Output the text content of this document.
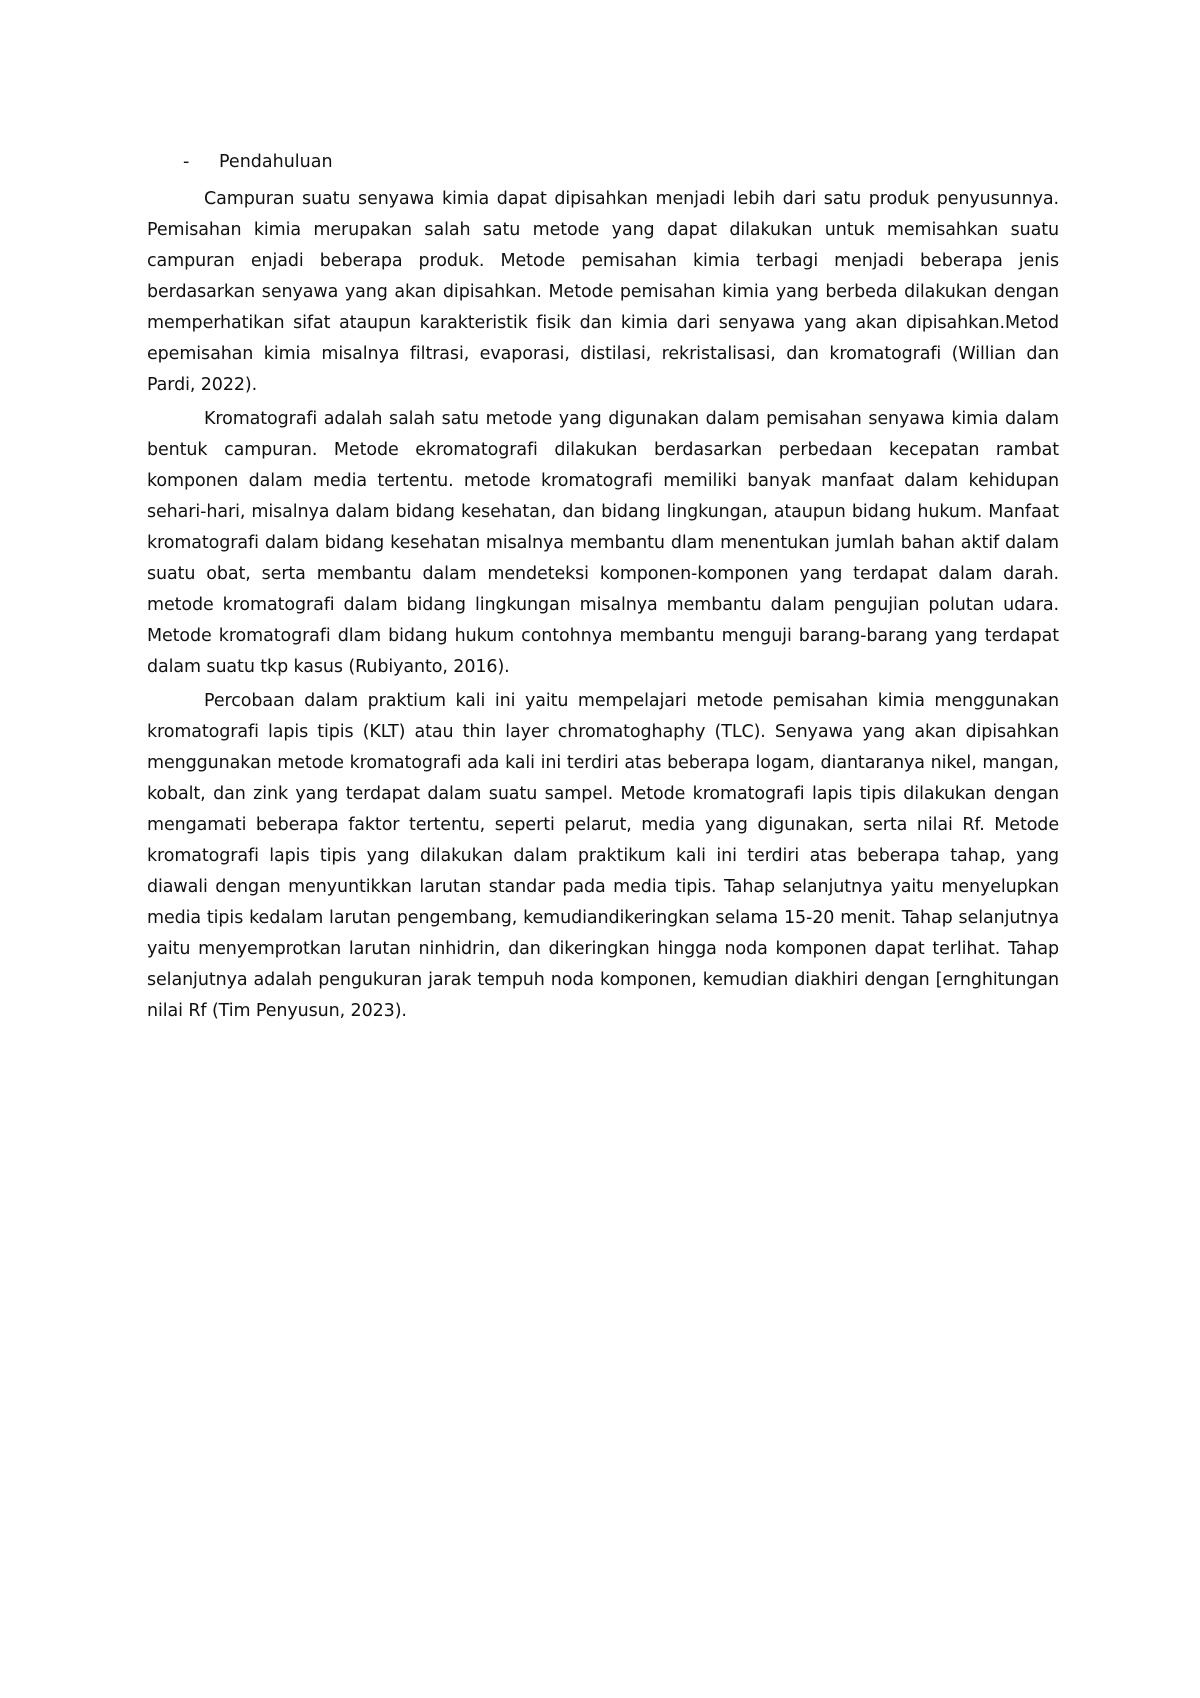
- Pendahuluan

Campuran suatu senyawa kimia dapat dipisahkan menjadi lebih dari satu produk penyusunnya. Pemisahan kimia merupakan salah satu metode yang dapat dilakukan untuk memisahkan suatu campuran enjadi beberapa produk. Metode pemisahan kimia terbagi menjadi beberapa jenis berdasarkan senyawa yang akan dipisahkan. Metode pemisahan kimia yang berbeda dilakukan dengan memperhatikan sifat ataupun karakteristik fisik dan kimia dari senyawa yang akan dipisahkan.Metod epemisahan kimia misalnya filtrasi, evaporasi, distilasi, rekristalisasi, dan kromatografi (Willian dan Pardi, 2022).

Kromatografi adalah salah satu metode yang digunakan dalam pemisahan senyawa kimia dalam bentuk campuran. Metode ekromatografi dilakukan berdasarkan perbedaan kecepatan rambat komponen dalam media tertentu. metode kromatografi memiliki banyak manfaat dalam kehidupan sehari-hari, misalnya dalam bidang kesehatan, dan bidang lingkungan, ataupun bidang hukum. Manfaat kromatografi dalam bidang kesehatan misalnya membantu dlam menentukan jumlah bahan aktif dalam suatu obat, serta membantu dalam mendeteksi komponen-komponen yang terdapat dalam darah. metode kromatografi dalam bidang lingkungan misalnya membantu dalam pengujian polutan udara. Metode kromatografi dlam bidang hukum contohnya membantu menguji barang-barang yang terdapat dalam suatu tkp kasus (Rubiyanto, 2016).

Percobaan dalam praktium kali ini yaitu mempelajari metode pemisahan kimia menggunakan kromatografi lapis tipis (KLT) atau thin layer chromatoghaphy (TLC). Senyawa yang akan dipisahkan menggunakan metode kromatografi ada kali ini terdiri atas beberapa logam, diantaranya nikel, mangan, kobalt, dan zink yang terdapat dalam suatu sampel. Metode kromatografi lapis tipis dilakukan dengan mengamati beberapa faktor tertentu, seperti pelarut, media yang digunakan, serta nilai Rf. Metode kromatografi lapis tipis yang dilakukan dalam praktikum kali ini terdiri atas beberapa tahap, yang diawali dengan menyuntikkan larutan standar pada media tipis. Tahap selanjutnya yaitu menyelupkan media tipis kedalam larutan pengembang, kemudiandikeringkan selama 15-20 menit. Tahap selanjutnya yaitu menyemprotkan larutan ninhidrin, dan dikeringkan hingga noda komponen dapat terlihat. Tahap selanjutnya adalah pengukuran jarak tempuh noda komponen, kemudian diakhiri dengan [ernghitungan nilai Rf (Tim Penyusun, 2023).
